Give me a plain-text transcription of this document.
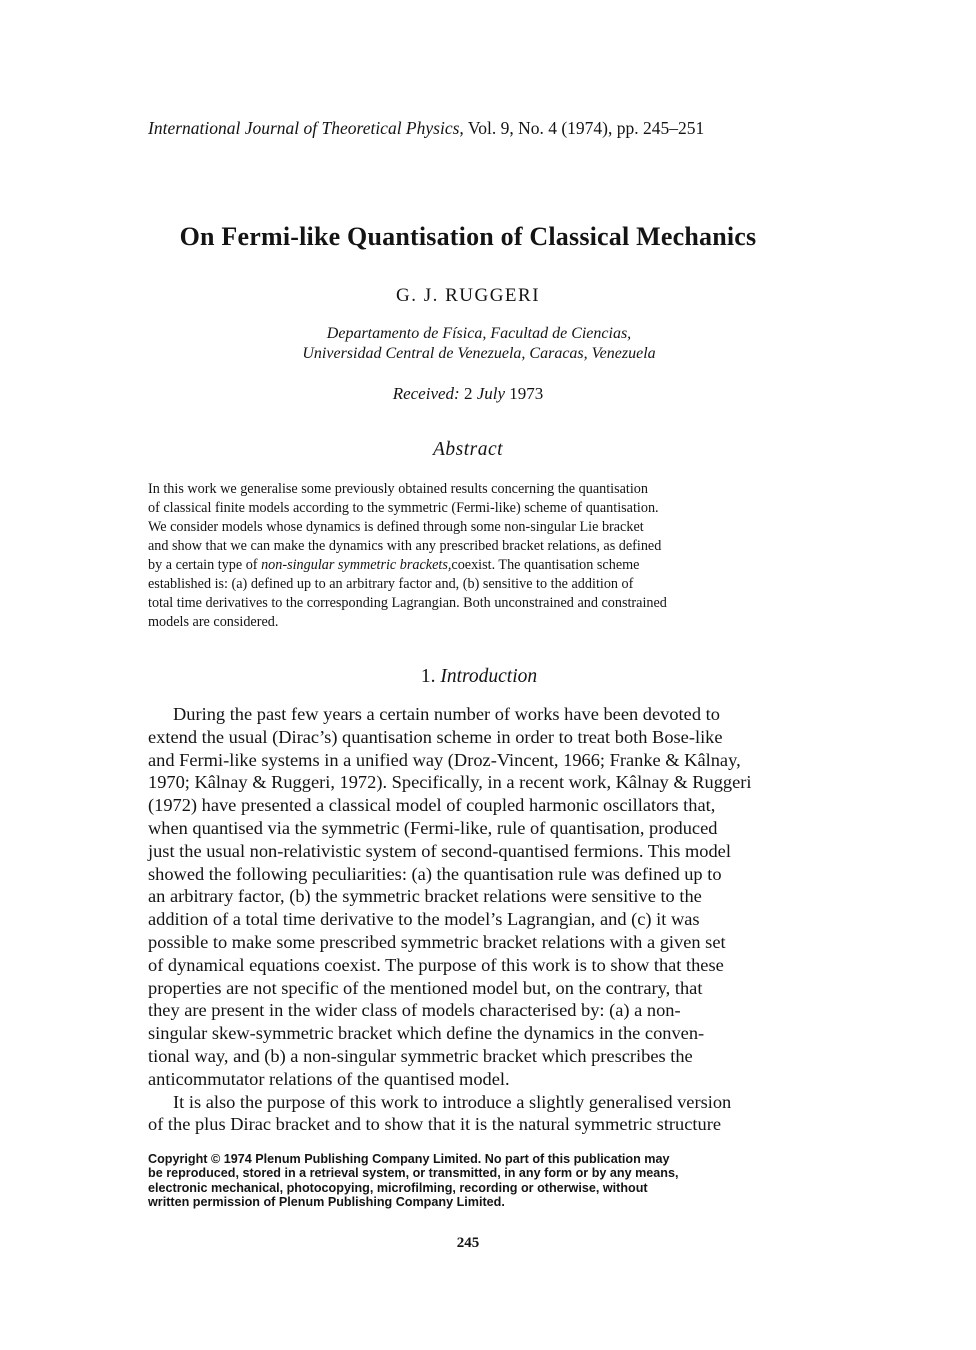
International Journal of Theoretical Physics, Vol. 9, No. 4 (1974), pp. 245–251
On Fermi-like Quantisation of Classical Mechanics
G. J. RUGGERI
Departamento de Física, Facultad de Ciencias,
Universidad Central de Venezuela, Caracas, Venezuela
Received: 2 July 1973
Abstract
In this work we generalise some previously obtained results concerning the quantisation
of classical finite models according to the symmetric (Fermi-like) scheme of quantisation.
We consider models whose dynamics is defined through some non-singular Lie bracket
and show that we can make the dynamics with any prescribed bracket relations, as defined
by a certain type of non-singular symmetric brackets,coexist. The quantisation scheme
established is: (a) defined up to an arbitrary factor and, (b) sensitive to the addition of
total time derivatives to the corresponding Lagrangian. Both unconstrained and constrained
models are considered.
1. Introduction
During the past few years a certain number of works have been devoted to
extend the usual (Dirac’s) quantisation scheme in order to treat both Bose-like
and Fermi-like systems in a unified way (Droz-Vincent, 1966; Franke & Kâlnay,
1970; Kâlnay & Ruggeri, 1972). Specifically, in a recent work, Kâlnay & Ruggeri
(1972) have presented a classical model of coupled harmonic oscillators that,
when quantised via the symmetric (Fermi-like, rule of quantisation, produced
just the usual non-relativistic system of second-quantised fermions. This model
showed the following peculiarities: (a) the quantisation rule was defined up to
an arbitrary factor, (b) the symmetric bracket relations were sensitive to the
addition of a total time derivative to the model’s Lagrangian, and (c) it was
possible to make some prescribed symmetric bracket relations with a given set
of dynamical equations coexist. The purpose of this work is to show that these
properties are not specific of the mentioned model but, on the contrary, that
they are present in the wider class of models characterised by: (a) a non-
singular skew-symmetric bracket which define the dynamics in the conven-
tional way, and (b) a non-singular symmetric bracket which prescribes the
anticommutator relations of the quantised model.
It is also the purpose of this work to introduce a slightly generalised version
of the plus Dirac bracket and to show that it is the natural symmetric structure
Copyright © 1974 Plenum Publishing Company Limited. No part of this publication may
be reproduced, stored in a retrieval system, or transmitted, in any form or by any means,
electronic mechanical, photocopying, microfilming, recording or otherwise, without
written permission of Plenum Publishing Company Limited.
245
